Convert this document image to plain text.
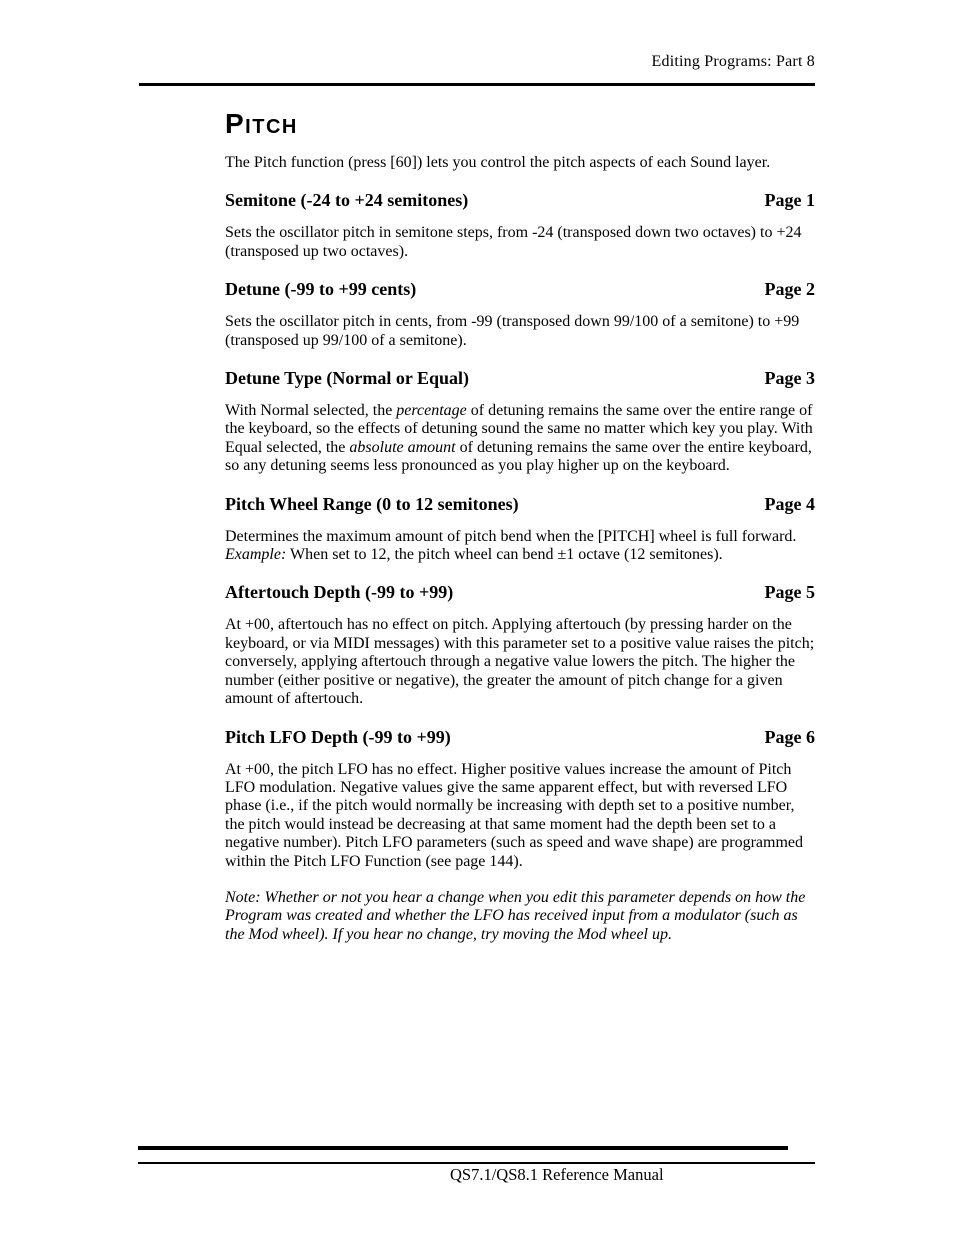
Editing Programs: Part 8
Pitch

The Pitch function (press [60]) lets you control the pitch aspects of each Sound layer.

Semitone (-24 to +24 semitones)	Page 1

Sets the oscillator pitch in semitone steps, from -24 (transposed down two octaves) to +24 (transposed up two octaves).

Detune (-99 to +99 cents)	Page 2

Sets the oscillator pitch in cents, from -99 (transposed down 99/100 of a semitone) to +99 (transposed up 99/100 of a semitone).

Detune Type (Normal or Equal)	Page 3

With Normal selected, the percentage of detuning remains the same over the entire range of the keyboard, so the effects of detuning sound the same no matter which key you play. With Equal selected, the absolute amount of detuning remains the same over the entire keyboard, so any detuning seems less pronounced as you play higher up on the keyboard.

Pitch Wheel Range (0 to 12 semitones)	Page 4

Determines the maximum amount of pitch bend when the [PITCH] wheel is full forward. Example: When set to 12, the pitch wheel can bend ±1 octave (12 semitones).

Aftertouch Depth (-99 to +99)	Page 5

At +00, aftertouch has no effect on pitch. Applying aftertouch (by pressing harder on the keyboard, or via MIDI messages) with this parameter set to a positive value raises the pitch; conversely, applying aftertouch through a negative value lowers the pitch. The higher the number (either positive or negative), the greater the amount of pitch change for a given amount of aftertouch.

Pitch LFO Depth (-99 to +99)	Page 6

At +00, the pitch LFO has no effect. Higher positive values increase the amount of Pitch LFO modulation. Negative values give the same apparent effect, but with reversed LFO phase (i.e., if the pitch would normally be increasing with depth set to a positive number, the pitch would instead be decreasing at that same moment had the depth been set to a negative number). Pitch LFO parameters (such as speed and wave shape) are programmed within the Pitch LFO Function (see page 144).

Note: Whether or not you hear a change when you edit this parameter depends on how the Program was created and whether the LFO has received input from a modulator (such as the Mod wheel). If you hear no change, try moving the Mod wheel up.

QS7.1/QS8.1 Reference Manual
